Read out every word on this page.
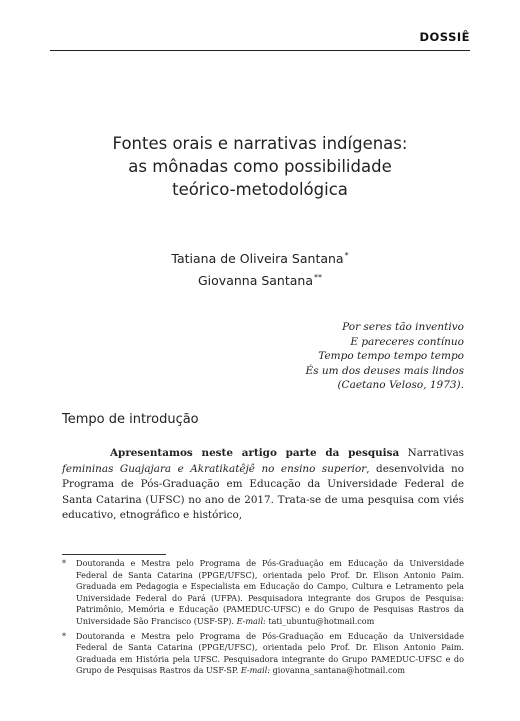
DOSSIÊ
Fontes orais e narrativas indígenas:
as mônadas como possibilidade
teórico-metodológica
Tatiana de Oliveira Santana*
Giovanna Santana**
Por seres tão inventivo
E pareceres contínuo
Tempo tempo tempo tempo
És um dos deuses mais lindos
(Caetano Veloso, 1973).
Tempo de introdução

Apresentamos neste artigo parte da pesquisa Narrativas femininas Guajajara e Akratikatêjê no ensino superior, desenvolvida no Programa de Pós-Graduação em Educação da Universidade Federal de Santa Catarina (UFSC) no ano de 2017. Trata-se de uma pesquisa com viés educativo, etnográfico e histórico,

* Doutoranda e Mestra pelo Programa de Pós-Graduação em Educação da Universidade Federal de Santa Catarina (PPGE/UFSC), orientada pelo Prof. Dr. Elison Antonio Paim. Graduada em Pedagogia e Especialista em Educação do Campo, Cultura e Letramento pela Universidade Federal do Pará (UFPA). Pesquisadora integrante dos Grupos de Pesquisa: Patrimônio, Memória e Educação (PAMEDUC-UFSC) e do Grupo de Pesquisas Rastros da Universidade São Francisco (USF-SP). E-mail: tati_ubuntu@hotmail.com
* Doutoranda e Mestra pelo Programa de Pós-Graduação em Educação da Universidade Federal de Santa Catarina (PPGE/UFSC), orientada pelo Prof. Dr. Elison Antonio Paim. Graduada em História pela UFSC. Pesquisadora integrante do Grupo PAMEDUC-UFSC e do Grupo de Pesquisas Rastros da USF-SP. E-mail: giovanna_santana@hotmail.com
